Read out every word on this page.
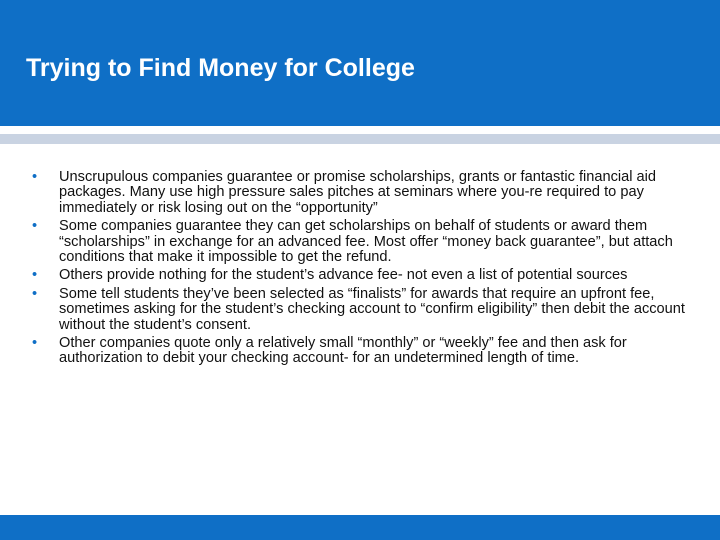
Trying to Find Money for College
• Unscrupulous companies guarantee or promise scholarships, grants or fantastic financial aid packages. Many use high pressure sales pitches at seminars where you-re required to pay immediately or risk losing out on the “opportunity”
• Some companies guarantee they can get scholarships on behalf of students or award them “scholarships” in exchange for an advanced fee. Most offer “money back guarantee”, but attach conditions that make it impossible to get the refund.
• Others provide nothing for the student’s advance fee- not even a list of potential sources
• Some tell students they’ve been selected as “finalists” for awards that require an upfront fee, sometimes asking for the student’s checking account to “confirm eligibility” then debit the account without the student’s consent.
• Other companies quote only a relatively small “monthly” or “weekly” fee and then ask for authorization to debit your checking account- for an undetermined length of time.
